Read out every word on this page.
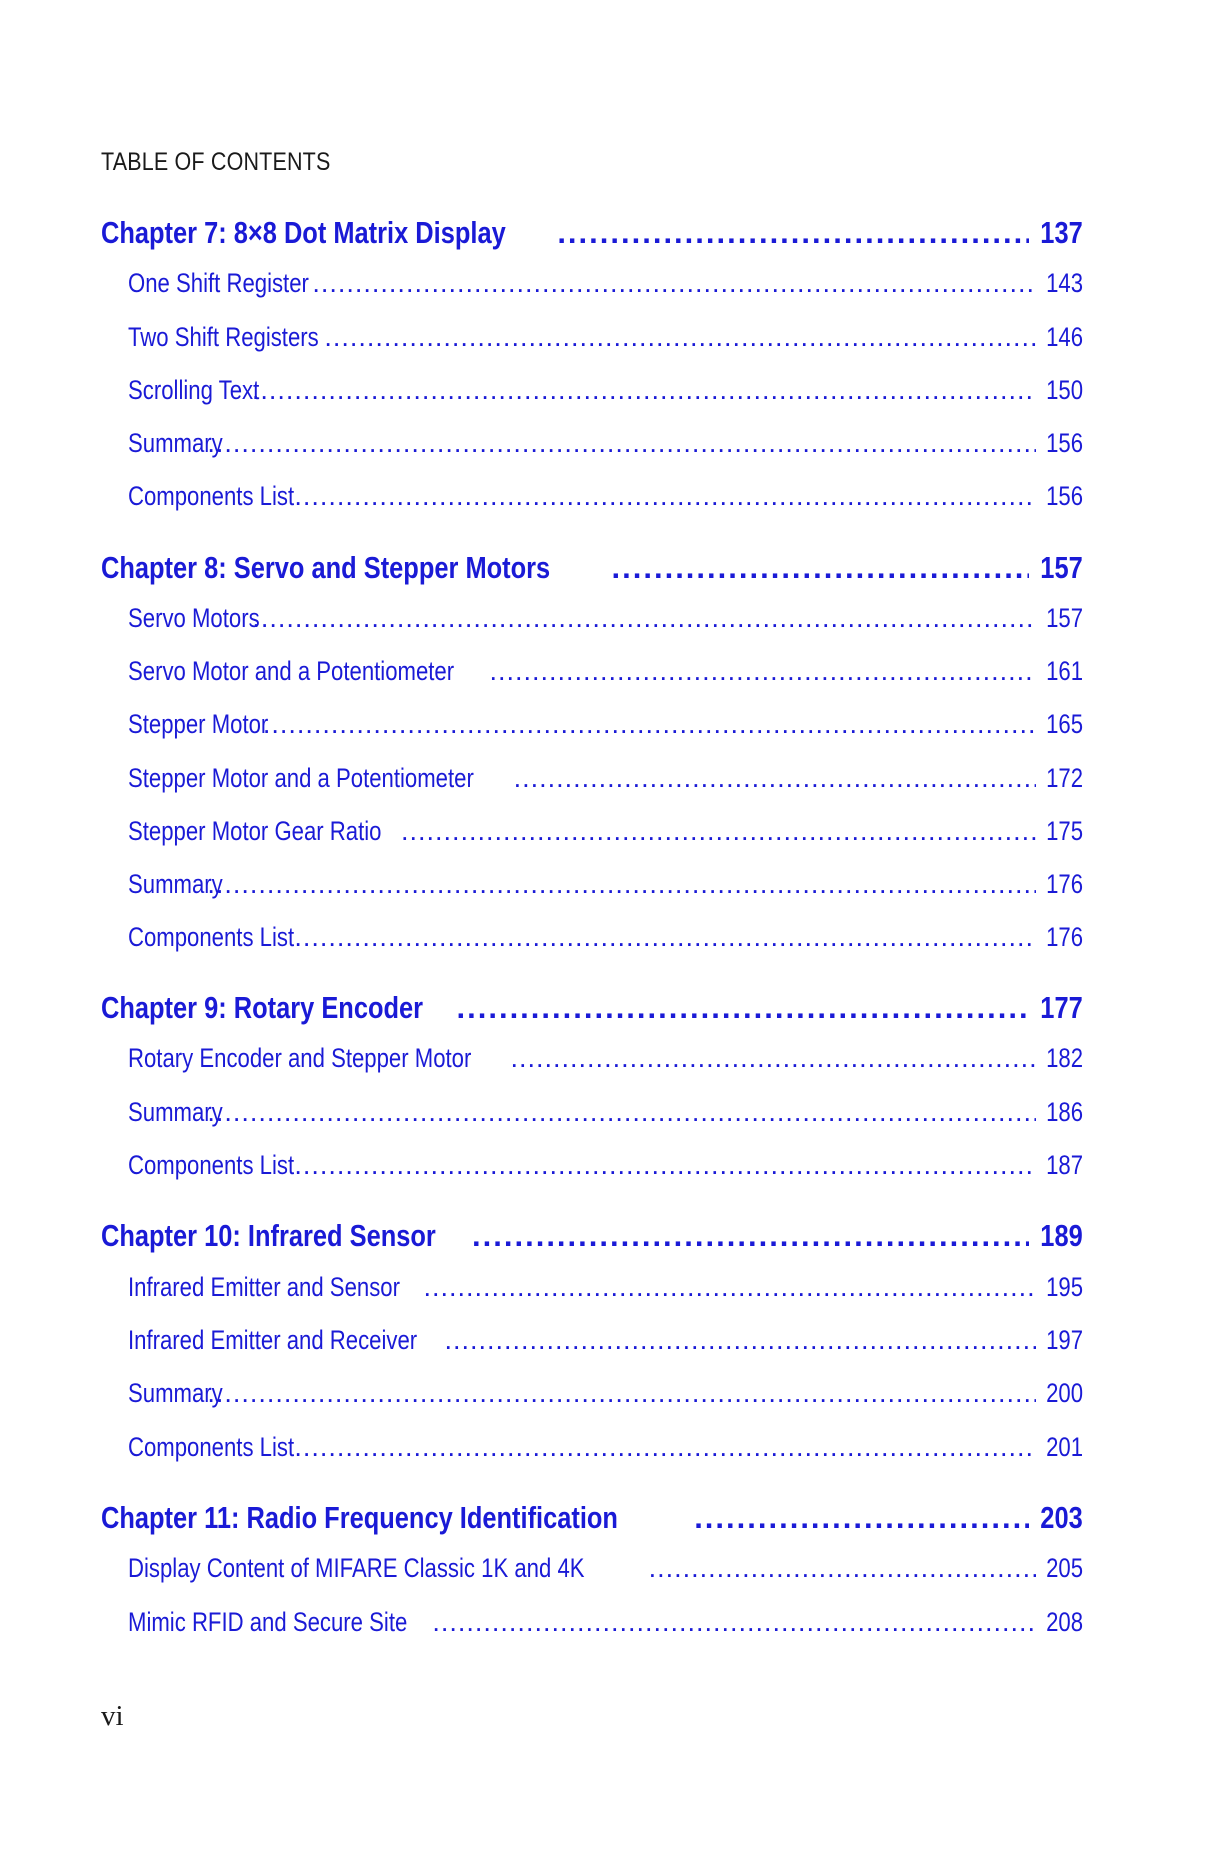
TABLE OF CONTENTS
Chapter 7: 8×8 Dot Matrix Display .....	137
One Shift Register .....	143
Two Shift Registers .....	146
Scrolling Text .....	150
Summary .....	156
Components List .....	156
Chapter 8: Servo and Stepper Motors .....	157
Servo Motors .....	157
Servo Motor and a Potentiometer .....	161
Stepper Motor .....	165
Stepper Motor and a Potentiometer .....	172
Stepper Motor Gear Ratio .....	175
Summary .....	176
Components List .....	176
Chapter 9: Rotary Encoder .....	177
Rotary Encoder and Stepper Motor .....	182
Summary .....	186
Components List .....	187
Chapter 10: Infrared Sensor .....	189
Infrared Emitter and Sensor .....	195
Infrared Emitter and Receiver .....	197
Summary .....	200
Components List .....	201
Chapter 11: Radio Frequency Identification .....	203
Display Content of MIFARE Classic 1K and 4K .....	205
Mimic RFID and Secure Site .....	208
vi
